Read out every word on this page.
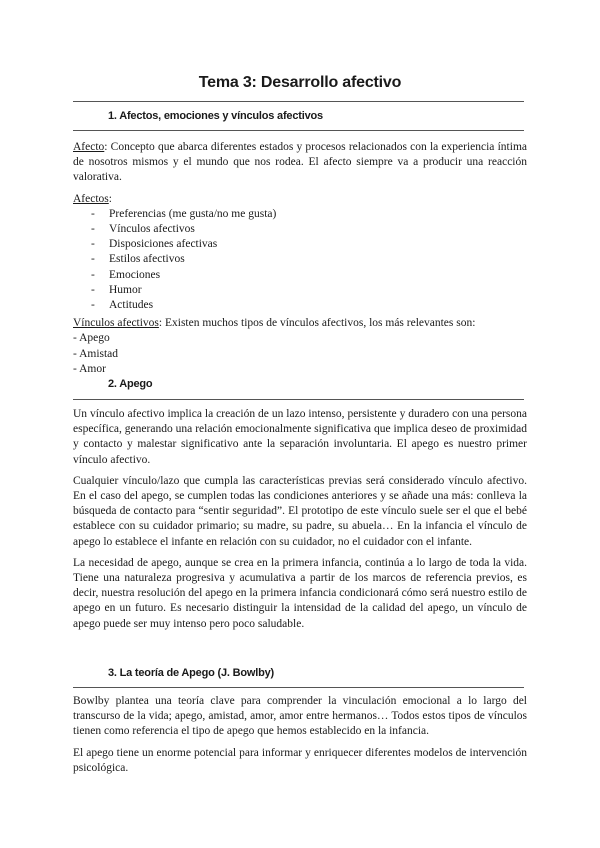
Tema 3: Desarrollo afectivo
1. Afectos, emociones y vínculos afectivos

Afecto: Concepto que abarca diferentes estados y procesos relacionados con la experiencia íntima de nosotros mismos y el mundo que nos rodea. El afecto siempre va a producir una reacción valorativa.

Afectos:
- Preferencias (me gusta/no me gusta)
- Vínculos afectivos
- Disposiciones afectivas
- Estilos afectivos
- Emociones
- Humor
- Actitudes
Vínculos afectivos: Existen muchos tipos de vínculos afectivos, los más relevantes son:
- Apego
- Amistad
- Amor
2. Apego

Un vínculo afectivo implica la creación de un lazo intenso, persistente y duradero con una persona específica, generando una relación emocionalmente significativa que implica deseo de proximidad y contacto y malestar significativo ante la separación involuntaria. El apego es nuestro primer vínculo afectivo.

Cualquier vínculo/lazo que cumpla las características previas será considerado vínculo afectivo. En el caso del apego, se cumplen todas las condiciones anteriores y se añade una más: conlleva la búsqueda de contacto para “sentir seguridad”. El prototipo de este vínculo suele ser el que el bebé establece con su cuidador primario; su madre, su padre, su abuela… En la infancia el vínculo de apego lo establece el infante en relación con su cuidador, no el cuidador con el infante.

La necesidad de apego, aunque se crea en la primera infancia, continúa a lo largo de toda la vida. Tiene una naturaleza progresiva y acumulativa a partir de los marcos de referencia previos, es decir, nuestra resolución del apego en la primera infancia condicionará cómo será nuestro estilo de apego en un futuro. Es necesario distinguir la intensidad de la calidad del apego, un vínculo de apego puede ser muy intenso pero poco saludable.

3. La teoría de Apego (J. Bowlby)

Bowlby plantea una teoría clave para comprender la vinculación emocional a lo largo del transcurso de la vida; apego, amistad, amor, amor entre hermanos… Todos estos tipos de vínculos tienen como referencia el tipo de apego que hemos establecido en la infancia.

El apego tiene un enorme potencial para informar y enriquecer diferentes modelos de intervención psicológica.
